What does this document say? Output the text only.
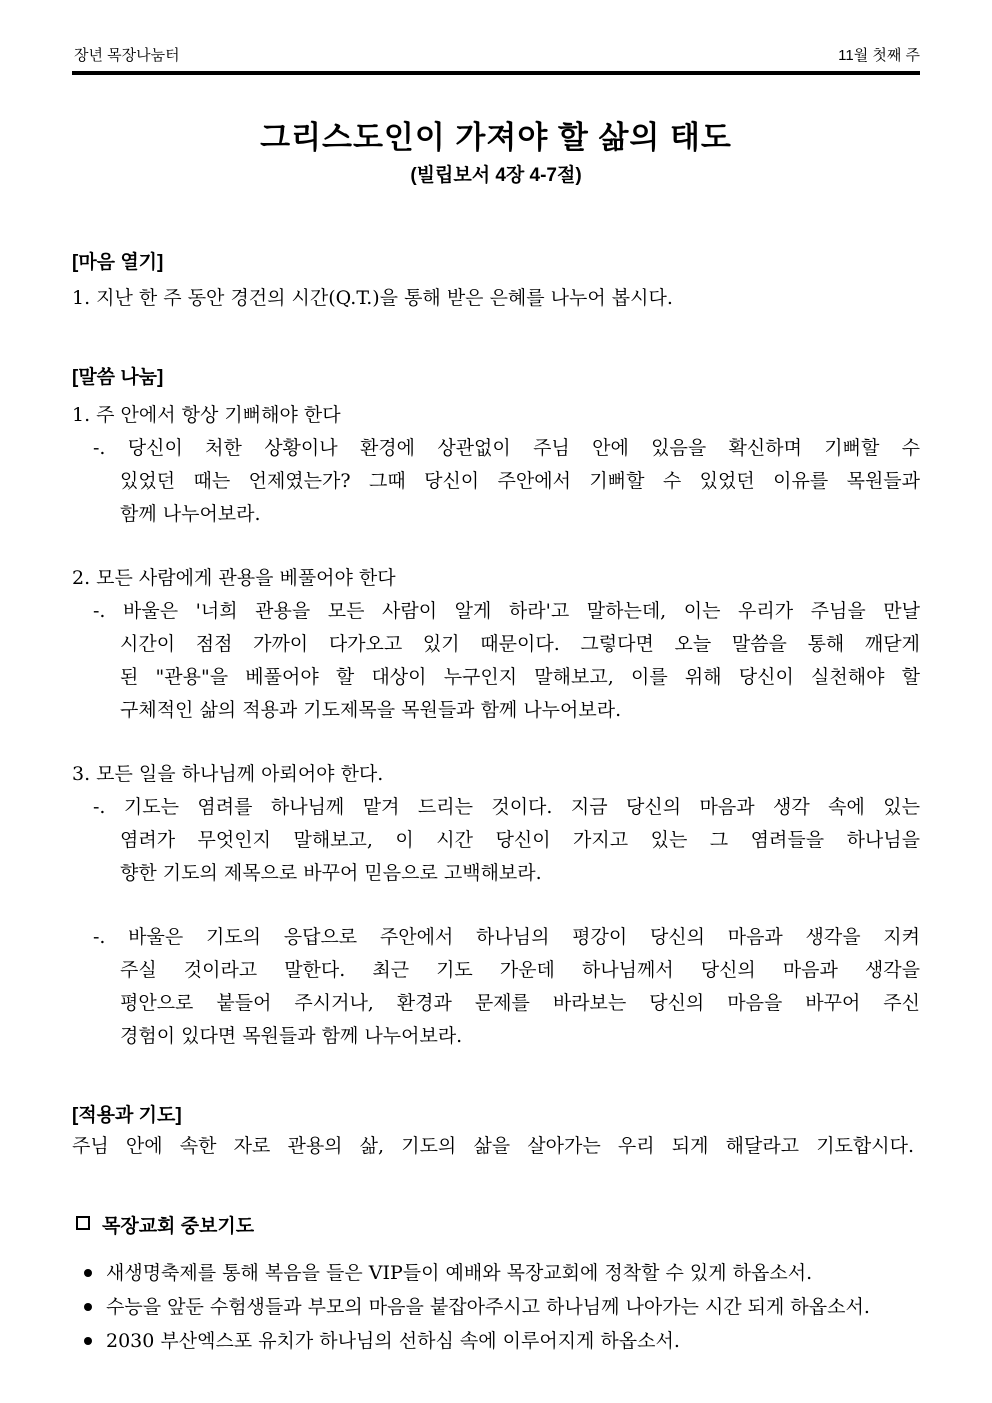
장년 목장나눔터	11월 첫째 주
그리스도인이 가져야 할 삶의 태도
(빌립보서 4장 4-7절)
[마음 열기]
1. 지난 한 주 동안 경건의 시간(Q.T.)을 통해 받은 은혜를 나누어 봅시다.
[말씀 나눔]
1. 주 안에서 항상 기뻐해야 한다
-. 당신이 처한 상황이나 환경에 상관없이 주님 안에 있음을 확신하며 기뻐할 수
있었던 때는 언제였는가? 그때 당신이 주안에서 기뻐할 수 있었던 이유를 목원들과
함께 나누어보라.
2. 모든 사람에게 관용을 베풀어야 한다
-. 바울은 '너희 관용을 모든 사람이 알게 하라'고 말하는데, 이는 우리가 주님을 만날
시간이 점점 가까이 다가오고 있기 때문이다. 그렇다면 오늘 말씀을 통해 깨닫게
된 "관용"을 베풀어야 할 대상이 누구인지 말해보고, 이를 위해 당신이 실천해야 할
구체적인 삶의 적용과 기도제목을 목원들과 함께 나누어보라.
3. 모든 일을 하나님께 아뢰어야 한다.
-. 기도는 염려를 하나님께 맡겨 드리는 것이다. 지금 당신의 마음과 생각 속에 있는
염려가 무엇인지 말해보고, 이 시간 당신이 가지고 있는 그 염려들을 하나님을
향한 기도의 제목으로 바꾸어 믿음으로 고백해보라.
-. 바울은 기도의 응답으로 주안에서 하나님의 평강이 당신의 마음과 생각을 지켜
주실 것이라고 말한다. 최근 기도 가운데 하나님께서 당신의 마음과 생각을
평안으로 붙들어 주시거나, 환경과 문제를 바라보는 당신의 마음을 바꾸어 주신
경험이 있다면 목원들과 함께 나누어보라.
[적용과 기도]
주님 안에 속한 자로 관용의 삶, 기도의 삶을 살아가는 우리 되게 해달라고 기도합시다.
목장교회 중보기도
새생명축제를 통해 복음을 들은 VIP들이 예배와 목장교회에 정착할 수 있게 하옵소서.
수능을 앞둔 수험생들과 부모의 마음을 붙잡아주시고 하나님께 나아가는 시간 되게 하옵소서.
2030 부산엑스포 유치가 하나님의 선하심 속에 이루어지게 하옵소서.
